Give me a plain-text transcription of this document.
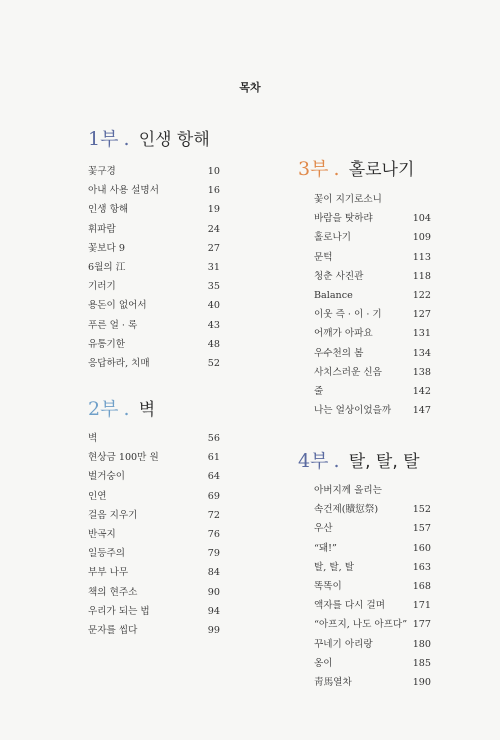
목차
1부 . 인생 항해
꽃구경	10
아내 사용 설명서	16
인생 항해	19
휘파람	24
꽃보다 9	27
6월의 江	31
기러기	35
용돈이 없어서	40
푸른 얼 · 록	43
유통기한	48
응답하라, 치매	52
2부 . 벽
벽	56
현상금 100만 원	61
벌거숭이	64
인연	69
걸음 지우기	72
반곡지	76
일등주의	79
부부 나무	84
책의 현주소	90
우리가 되는 법	94
문자를 씹다	99
3부 . 홀로나기
꽃이 지기로소니
바람을 탓하랴	104
홀로나기	109
문턱	113
청춘 사진관	118
Balance	122
이웃 즉 · 이 · 기	127
어깨가 아파요	131
우수천의 봄	134
사치스러운 신음	138
줄	142
나는 얼상이었을까 147
4부 . 탈, 탈, 탈
아버지께 올리는
속건제(贖愆祭)	152
우산	157
“돼!”	160
탈, 탈, 탈	163
똑똑이	168
액자를 다시 걸며	171
“아프지, 나도 아프다” 177
꾸네기 아리랑	180
옹이	185
靑馬열차	190
